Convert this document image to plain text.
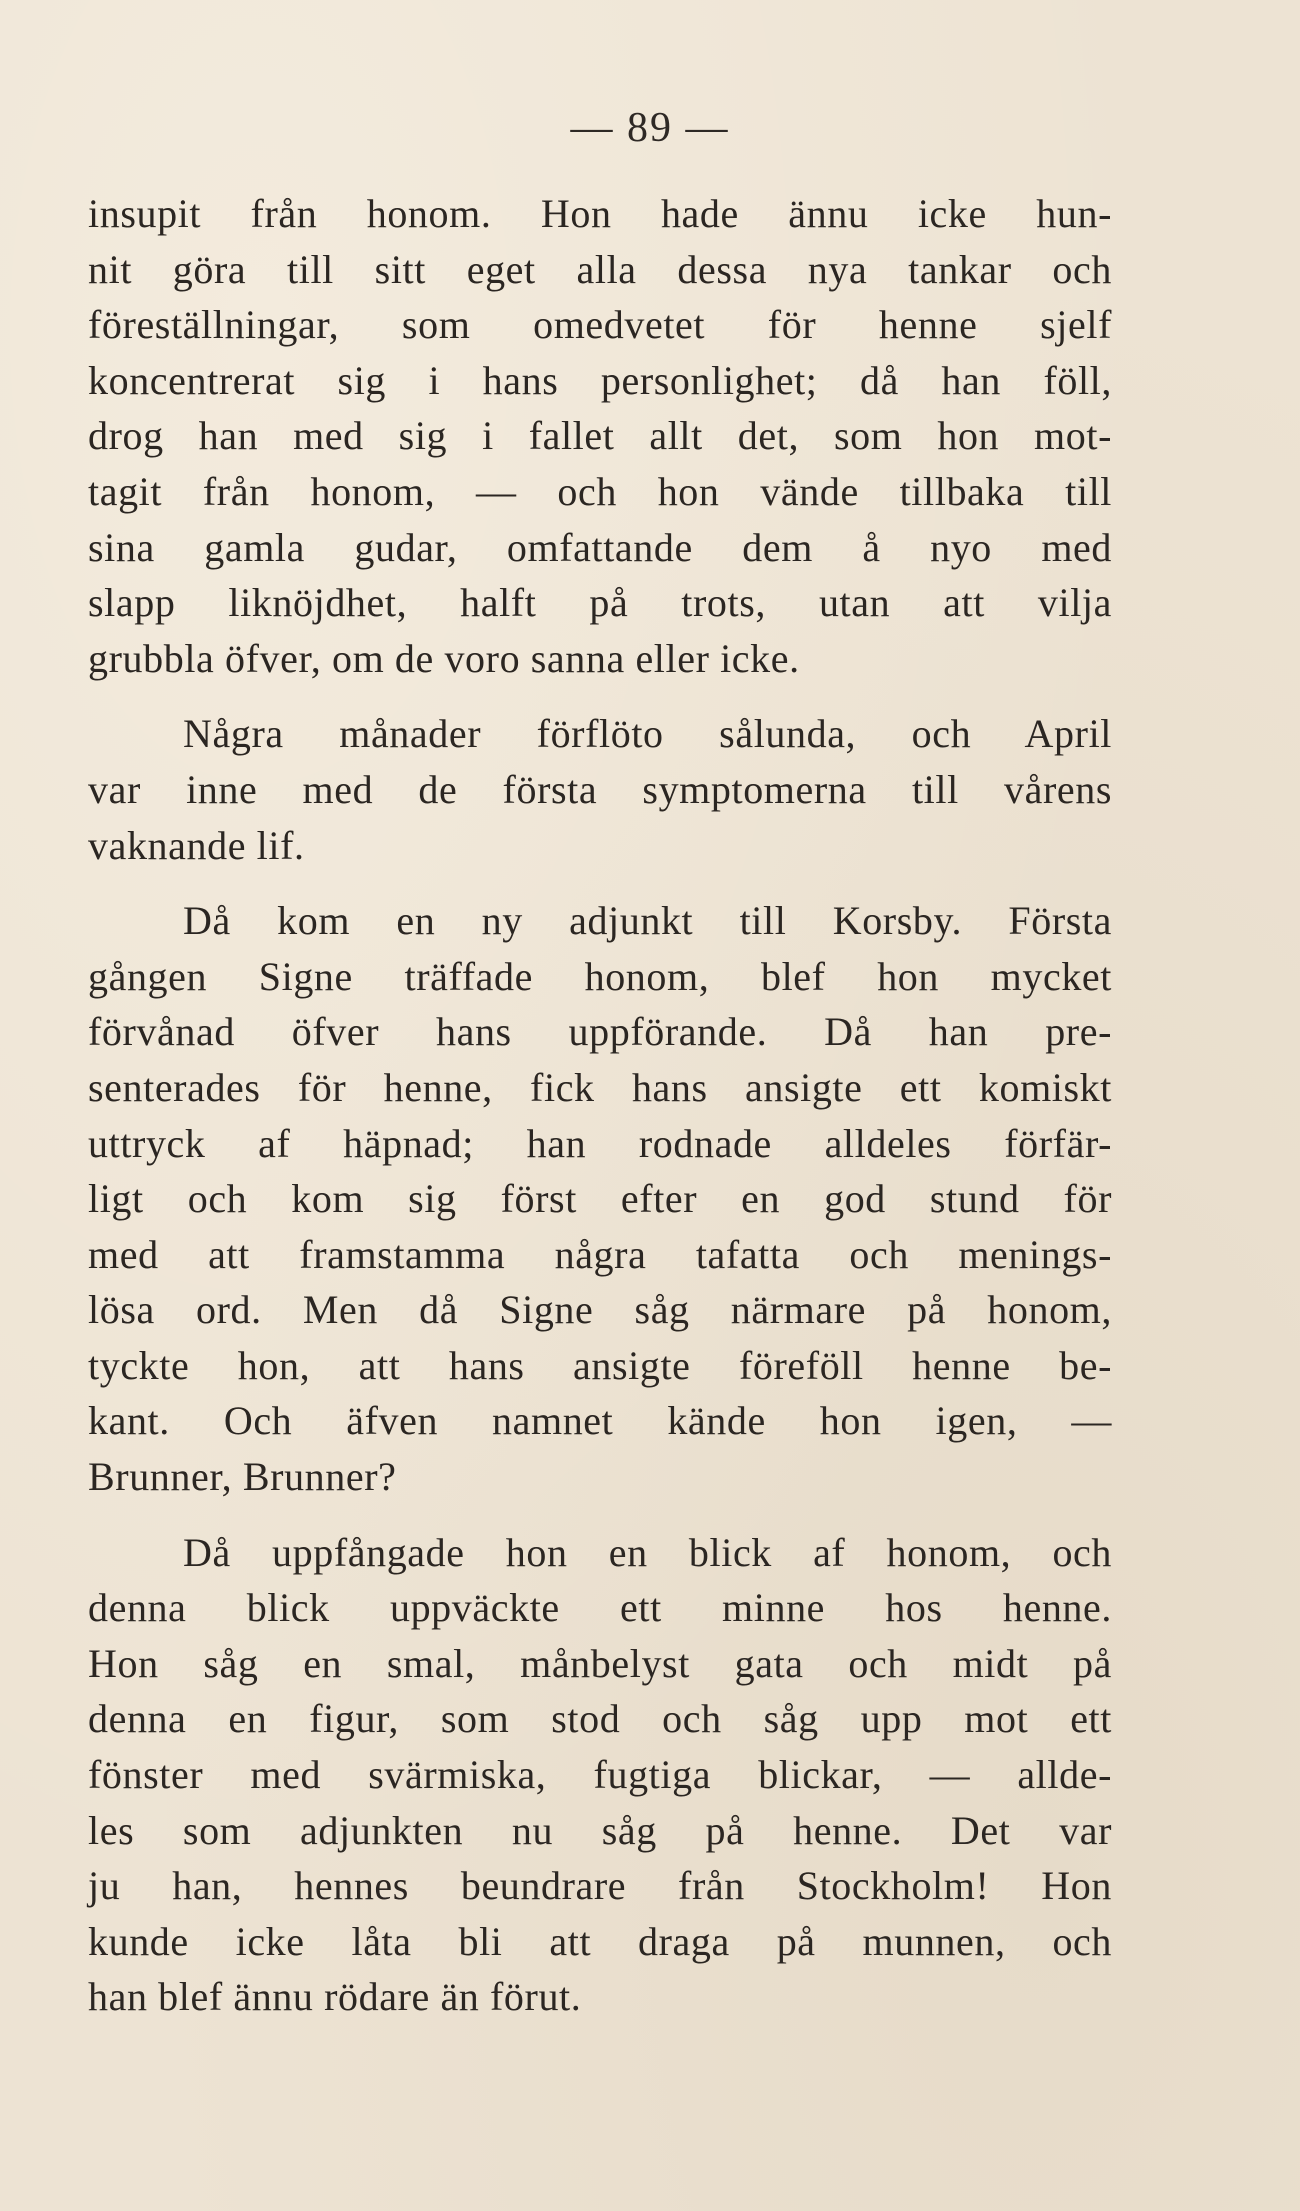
— 89 —
insupit från honom. Hon hade ännu icke hun-
nit göra till sitt eget alla dessa nya tankar och
föreställningar, som omedvetet för henne sjelf
koncentrerat sig i hans personlighet; då han föll,
drog han med sig i fallet allt det, som hon mot-
tagit från honom, — och hon vände tillbaka till
sina gamla gudar, omfattande dem å nyo med
slapp liknöjdhet, halft på trots, utan att vilja
grubbla öfver, om de voro sanna eller icke.
Några månader förflöto sålunda, och April
var inne med de första symptomerna till vårens
vaknande lif.
Då kom en ny adjunkt till Korsby. Första
gången Signe träffade honom, blef hon mycket
förvånad öfver hans uppförande. Då han pre-
senterades för henne, fick hans ansigte ett komiskt
uttryck af häpnad; han rodnade alldeles förfär-
ligt och kom sig först efter en god stund för
med att framstamma några tafatta och menings-
lösa ord. Men då Signe såg närmare på honom,
tyckte hon, att hans ansigte föreföll henne be-
kant. Och äfven namnet kände hon igen, —
Brunner, Brunner?
Då uppfångade hon en blick af honom, och
denna blick uppväckte ett minne hos henne.
Hon såg en smal, månbelyst gata och midt på
denna en figur, som stod och såg upp mot ett
fönster med svärmiska, fugtiga blickar, — allde-
les som adjunkten nu såg på henne. Det var
ju han, hennes beundrare från Stockholm! Hon
kunde icke låta bli att draga på munnen, och
han blef ännu rödare än förut.
